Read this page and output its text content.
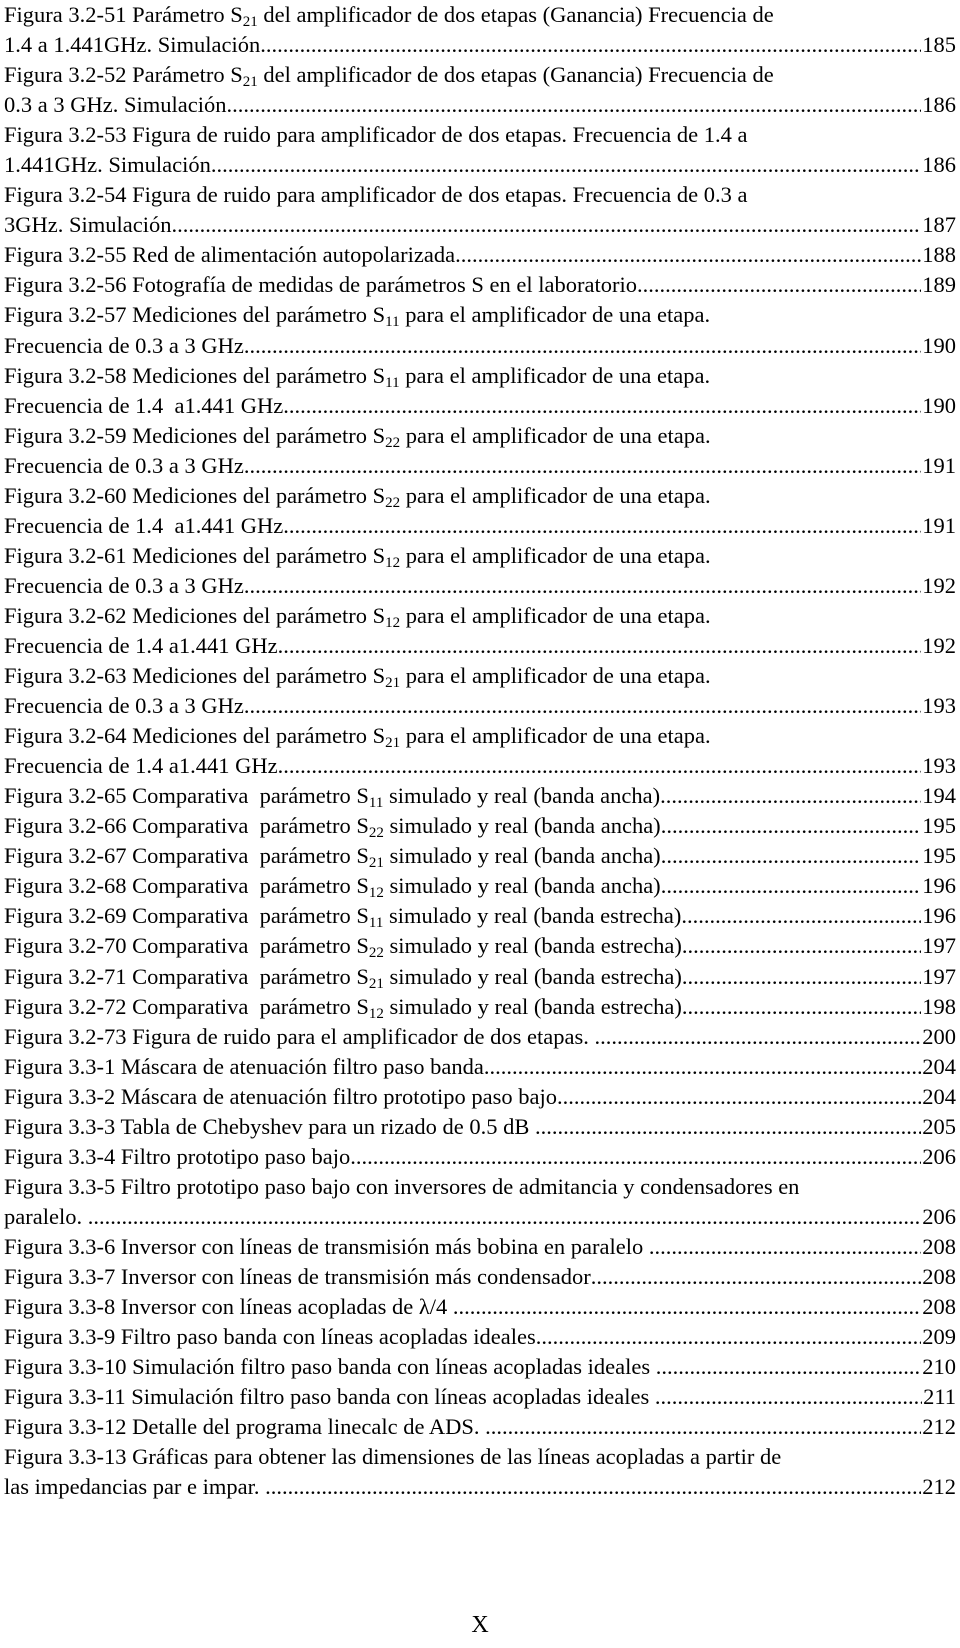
Figura 3.2-51 Parámetro $S_{21}$ del amplificador de dos etapas (Ganancia) Frecuencia de
1.4 a 1.441GHz. Simulación. .....	185
Figura 3.2-52 Parámetro $S_{21}$ del amplificador de dos etapas (Ganancia) Frecuencia de
0.3 a 3 GHz. Simulación. .....	186
Figura 3.2-53 Figura de ruido para amplificador de dos etapas. Frecuencia de 1.4 a
1.441GHz. Simulación .....	186
Figura 3.2-54 Figura de ruido para amplificador de dos etapas. Frecuencia de 0.3 a
3GHz. Simulación .....	187
Figura 3.2-55 Red de alimentación autopolarizada .....	188
Figura 3.2-56 Fotografía de medidas de parámetros S en el laboratorio. .....	189
Figura 3.2-57 Mediciones del parámetro $S_{11}$ para el amplificador de una etapa.
Frecuencia de 0.3 a 3 GHz. .....	190
Figura 3.2-58 Mediciones del parámetro $S_{11}$ para el amplificador de una etapa.
Frecuencia de 1.4  a1.441 GHz. .....	190
Figura 3.2-59 Mediciones del parámetro $S_{22}$ para el amplificador de una etapa.
Frecuencia de 0.3 a 3 GHz. .....	191
Figura 3.2-60 Mediciones del parámetro $S_{22}$ para el amplificador de una etapa.
Frecuencia de 1.4  a1.441 GHz. .....	191
Figura 3.2-61 Mediciones del parámetro $S_{12}$ para el amplificador de una etapa.
Frecuencia de 0.3 a 3 GHz. .....	192
Figura 3.2-62 Mediciones del parámetro $S_{12}$ para el amplificador de una etapa.
Frecuencia de 1.4 a1.441 GHz. .....	192
Figura 3.2-63 Mediciones del parámetro $S_{21}$ para el amplificador de una etapa.
Frecuencia de 0.3 a 3 GHz. .....	193
Figura 3.2-64 Mediciones del parámetro $S_{21}$ para el amplificador de una etapa.
Frecuencia de 1.4 a1.441 GHz. .....	193
Figura 3.2-65 Comparativa  parámetro $S_{11}$ simulado y real (banda ancha) .....	194
Figura 3.2-66 Comparativa  parámetro $S_{22}$ simulado y real (banda ancha) .....	195
Figura 3.2-67 Comparativa  parámetro $S_{21}$ simulado y real (banda ancha) .....	195
Figura 3.2-68 Comparativa  parámetro $S_{12}$ simulado y real (banda ancha) .....	196
Figura 3.2-69 Comparativa  parámetro $S_{11}$ simulado y real (banda estrecha) .....	196
Figura 3.2-70 Comparativa  parámetro $S_{22}$ simulado y real (banda estrecha) .....	197
Figura 3.2-71 Comparativa  parámetro $S_{21}$ simulado y real (banda estrecha) .....	197
Figura 3.2-72 Comparativa  parámetro $S_{12}$ simulado y real (banda estrecha) .....	198
Figura 3.2-73 Figura de ruido para el amplificador de dos etapas. .....	200
Figura 3.3-1 Máscara de atenuación filtro paso banda .....	204
Figura 3.3-2 Máscara de atenuación filtro prototipo paso bajo .....	204
Figura 3.3-3 Tabla de Chebyshev para un rizado de 0.5 dB .....	205
Figura 3.3-4 Filtro prototipo paso bajo .....	206
Figura 3.3-5 Filtro prototipo paso bajo con inversores de admitancia y condensadores en
paralelo. .....	206
Figura 3.3-6 Inversor con líneas de transmisión más bobina en paralelo .....	208
Figura 3.3-7 Inversor con líneas de transmisión más condensador .....	208
Figura 3.3-8 Inversor con líneas acopladas de λ/4 .....	208
Figura 3.3-9 Filtro paso banda con líneas acopladas ideales .....	209
Figura 3.3-10 Simulación filtro paso banda con líneas acopladas ideales .....	210
Figura 3.3-11 Simulación filtro paso banda con líneas acopladas ideales .....	211
Figura 3.3-12 Detalle del programa linecalc de ADS. .....	212
Figura 3.3-13 Gráficas para obtener las dimensiones de las líneas acopladas a partir de
las impedancias par e impar. .....	212
X
